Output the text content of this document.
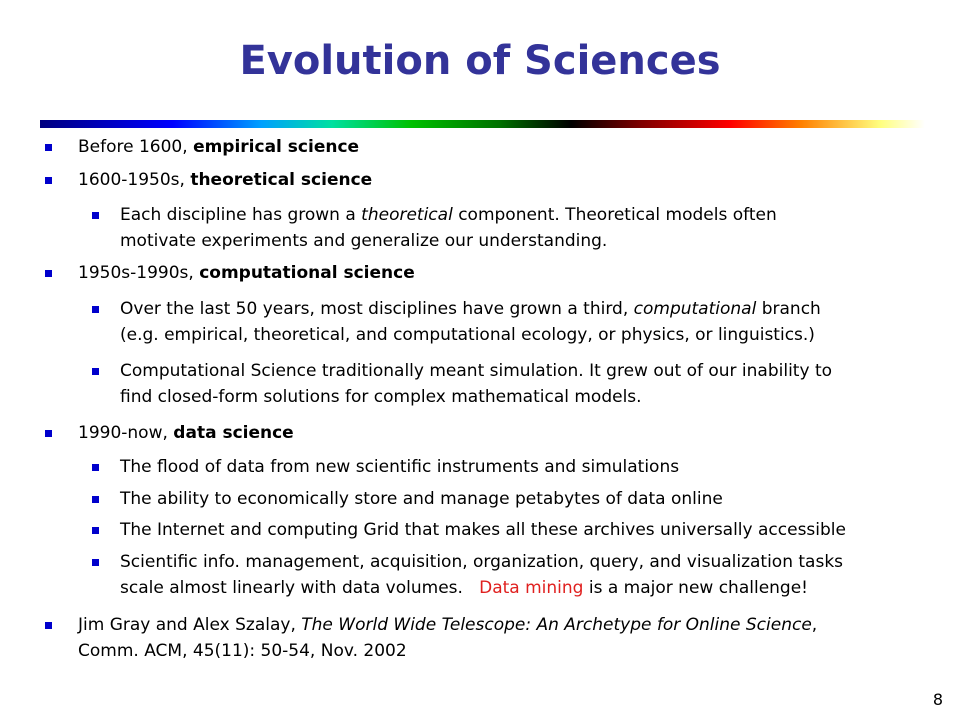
Evolution of Sciences
Before 1600, empirical science
1600-1950s, theoretical science
Each discipline has grown a theoretical component. Theoretical models often
motivate experiments and generalize our understanding.
1950s-1990s, computational science
Over the last 50 years, most disciplines have grown a third, computational branch
(e.g. empirical, theoretical, and computational ecology, or physics, or linguistics.)
Computational Science traditionally meant simulation. It grew out of our inability to
find closed-form solutions for complex mathematical models.
1990-now, data science
The flood of data from new scientific instruments and simulations
The ability to economically store and manage petabytes of data online
The Internet and computing Grid that makes all these archives universally accessible
Scientific info. management, acquisition, organization, query, and visualization tasks
scale almost linearly with data volumes.   Data mining is a major new challenge!
Jim Gray and Alex Szalay, The World Wide Telescope: An Archetype for Online Science,
Comm. ACM, 45(11): 50-54, Nov. 2002
8
